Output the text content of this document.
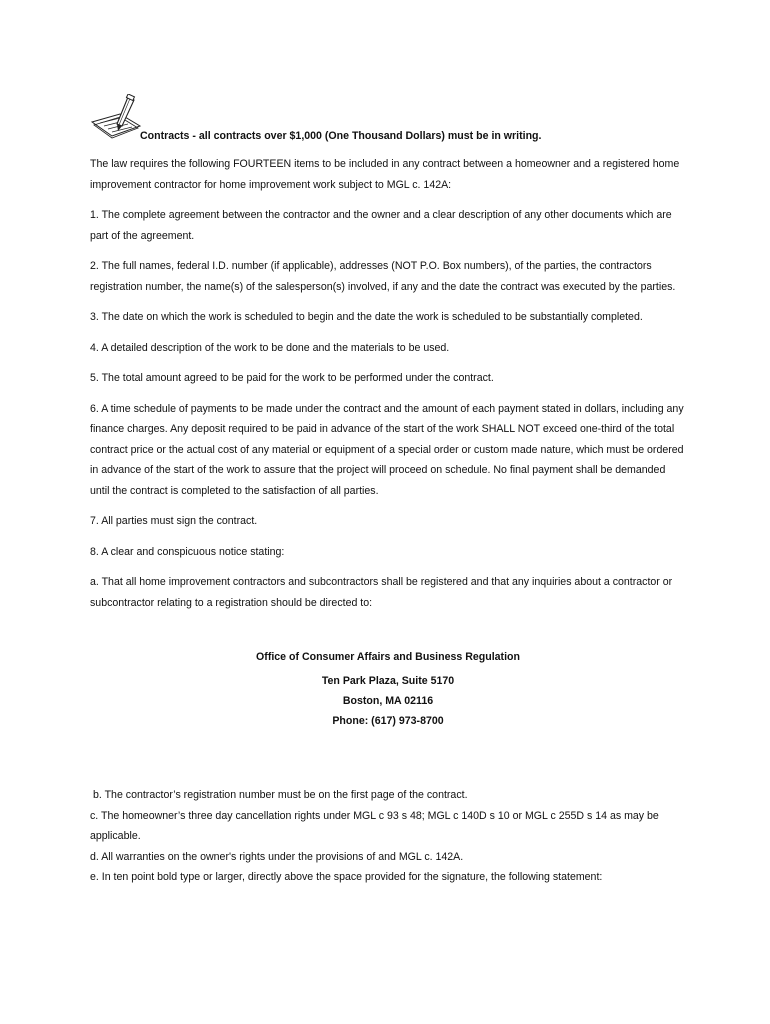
Contracts - all contracts over $1,000 (One Thousand Dollars) must be in writing.

The law requires the following FOURTEEN items to be included in any contract between a homeowner and a registered home improvement contractor for home improvement work subject to MGL c. 142A:

1. The complete agreement between the contractor and the owner and a clear description of any other documents which are part of the agreement.

2. The full names, federal I.D. number (if applicable), addresses (NOT P.O. Box numbers), of the parties, the contractors registration number, the name(s) of the salesperson(s) involved, if any and the date the contract was executed by the parties.

3. The date on which the work is scheduled to begin and the date the work is scheduled to be substantially completed.

4. A detailed description of the work to be done and the materials to be used.

5. The total amount agreed to be paid for the work to be performed under the contract.

6. A time schedule of payments to be made under the contract and the amount of each payment stated in dollars, including any finance charges. Any deposit required to be paid in advance of the start of the work SHALL NOT exceed one-third of the total contract price or the actual cost of any material or equipment of a special order or custom made nature, which must be ordered in advance of the start of the work to assure that the project will proceed on schedule. No final payment shall be demanded until the contract is completed to the satisfaction of all parties.

7. All parties must sign the contract.

8. A clear and conspicuous notice stating:

a. That all home improvement contractors and subcontractors shall be registered and that any inquiries about a contractor or subcontractor relating to a registration should be directed to:

Office of Consumer Affairs and Business Regulation
Ten Park Plaza, Suite 5170
Boston, MA 02116
Phone: (617) 973-8700

b. The contractor’s registration number must be on the first page of the contract.

c. The homeowner’s three day cancellation rights under MGL c 93 s 48; MGL c 140D s 10 or MGL c 255D s 14 as may be applicable.

d. All warranties on the owner's rights under the provisions of and MGL c. 142A.

e. In ten point bold type or larger, directly above the space provided for the signature, the following statement:
